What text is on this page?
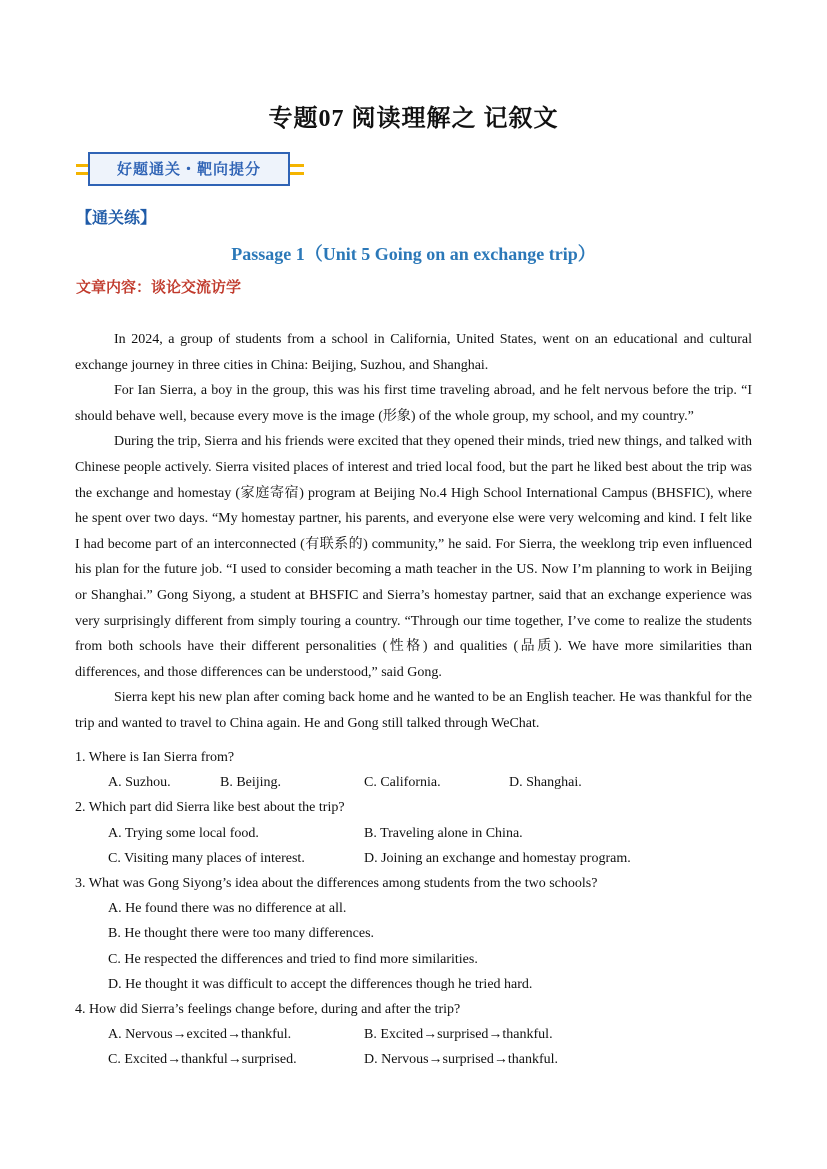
专题07 阅读理解之 记叙文
好题通关・靶向提分
【通关练】
Passage 1（Unit 5 Going on an exchange trip）
文章内容：谈论交流访学

In 2024, a group of students from a school in California, United States, went on an educational and cultural exchange journey in three cities in China: Beijing, Suzhou, and Shanghai.

For Ian Sierra, a boy in the group, this was his first time traveling abroad, and he felt nervous before the trip. “I should behave well, because every move is the image (形象) of the whole group, my school, and my country.”

During the trip, Sierra and his friends were excited that they opened their minds, tried new things, and talked with Chinese people actively. Sierra visited places of interest and tried local food, but the part he liked best about the trip was the exchange and homestay (家庭寄宿) program at Beijing No.4 High School International Campus (BHSFIC), where he spent over two days. “My homestay partner, his parents, and everyone else were very welcoming and kind. I felt like I had become part of an interconnected (有联系的) community,” he said. For Sierra, the weeklong trip even influenced his plan for the future job. “I used to consider becoming a math teacher in the US. Now I’m planning to work in Beijing or Shanghai.” Gong Siyong, a student at BHSFIC and Sierra’s homestay partner, said that an exchange experience was very surprisingly different from simply touring a country. “Through our time together, I’ve come to realize the students from both schools have their different personalities (性格) and qualities (品质). We have more similarities than differences, and those differences can be understood,” said Gong.

Sierra kept his new plan after coming back home and he wanted to be an English teacher. He was thankful for the trip and wanted to travel to China again. He and Gong still talked through WeChat.

1. Where is Ian Sierra from?

A. Suzhou.	B. Beijing.	C. California.	D. Shanghai.

2. Which part did Sierra like best about the trip?

A. Trying some local food.	B. Traveling alone in China.
C. Visiting many places of interest.	D. Joining an exchange and homestay program.

3. What was Gong Siyong’s idea about the differences among students from the two schools?

A. He found there was no difference at all.

B. He thought there were too many differences.

C. He respected the differences and tried to find more similarities.

D. He thought it was difficult to accept the differences though he tried hard.

4. How did Sierra’s feelings change before, during and after the trip?

A. Nervous→excited→thankful.	B. Excited→surprised→thankful.
C. Excited→thankful→surprised.	D. Nervous→surprised→thankful.
